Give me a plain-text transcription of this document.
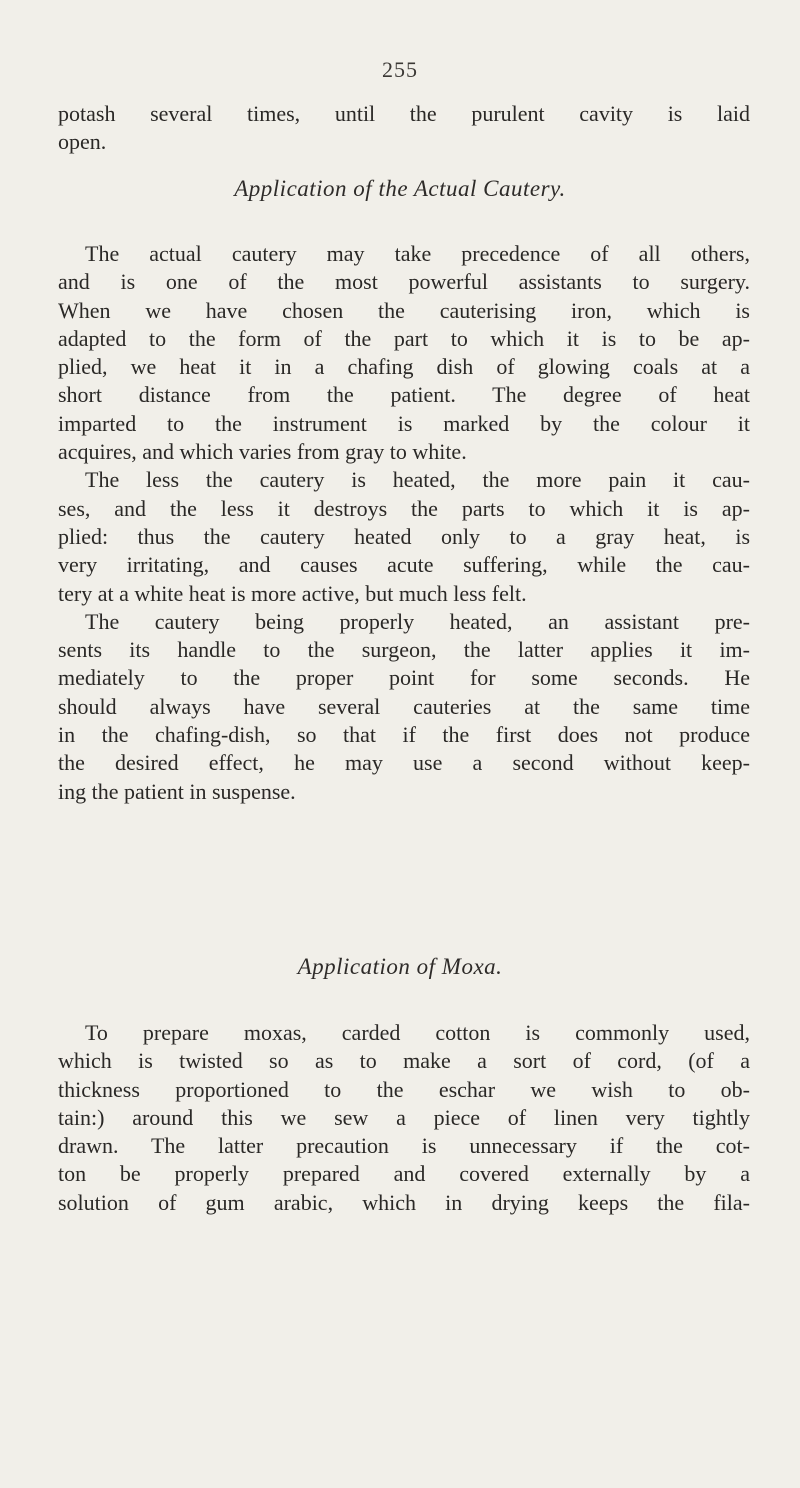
255
potash several times, until the purulent cavity is laid
open.
Application of the Actual Cautery.
The actual cautery may take precedence of all others,
and is one of the most powerful assistants to surgery.
When we have chosen the cauterising iron, which is
adapted to the form of the part to which it is to be ap-
plied, we heat it in a chafing dish of glowing coals at a
short distance from the patient. The degree of heat
imparted to the instrument is marked by the colour it
acquires, and which varies from gray to white.
The less the cautery is heated, the more pain it cau-
ses, and the less it destroys the parts to which it is ap-
plied: thus the cautery heated only to a gray heat, is
very irritating, and causes acute suffering, while the cau-
tery at a white heat is more active, but much less felt.
The cautery being properly heated, an assistant pre-
sents its handle to the surgeon, the latter applies it im-
mediately to the proper point for some seconds. He
should always have several cauteries at the same time
in the chafing-dish, so that if the first does not produce
the desired effect, he may use a second without keep-
ing the patient in suspense.
Application of Moxa.
To prepare moxas, carded cotton is commonly used,
which is twisted so as to make a sort of cord, (of a
thickness proportioned to the eschar we wish to ob-
tain:) around this we sew a piece of linen very tightly
drawn. The latter precaution is unnecessary if the cot-
ton be properly prepared and covered externally by a
solution of gum arabic, which in drying keeps the fila-
